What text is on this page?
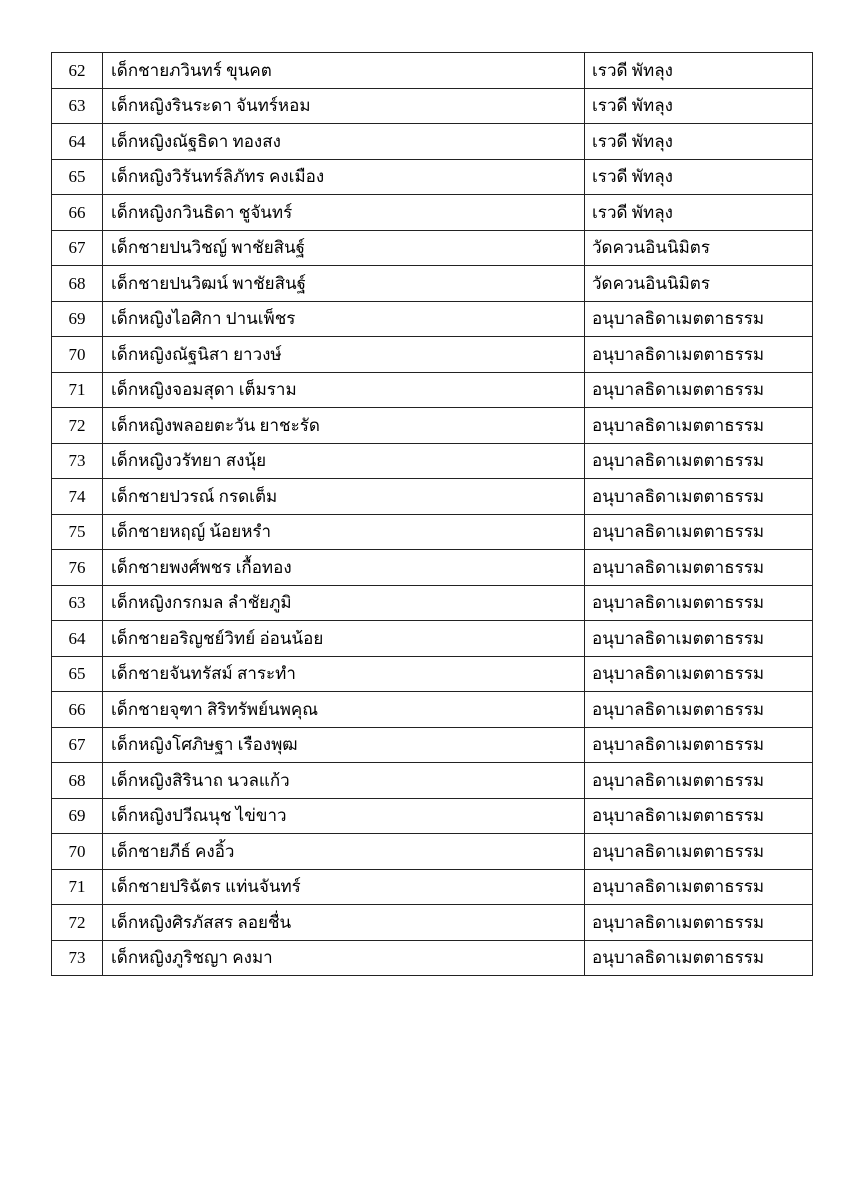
62	เด็กชายภวินทร์ ขุนคต	เรวดี พัทลุง
63	เด็กหญิงรินระดา จันทร์หอม	เรวดี พัทลุง
64	เด็กหญิงณัฐธิดา ทองสง	เรวดี พัทลุง
65	เด็กหญิงวิรันทร์ลิภัทร คงเมือง	เรวดี พัทลุง
66	เด็กหญิงกวินธิดา ชูจันทร์	เรวดี พัทลุง
67	เด็กชายปนวิชญ์ พาชัยสินฐ์	วัดควนอินนิมิตร
68	เด็กชายปนวิฒน์ พาชัยสินฐ์	วัดควนอินนิมิตร
69	เด็กหญิงไอศิกา ปานเพ็ชร	อนุบาลธิดาเมตตาธรรม
70	เด็กหญิงณัฐนิสา ยาวงษ์	อนุบาลธิดาเมตตาธรรม
71	เด็กหญิงจอมสุดา เต็มราม	อนุบาลธิดาเมตตาธรรม
72	เด็กหญิงพลอยตะวัน ยาชะรัด	อนุบาลธิดาเมตตาธรรม
73	เด็กหญิงวรัทยา สงนุ้ย	อนุบาลธิดาเมตตาธรรม
74	เด็กชายปวรณ์ กรดเต็ม	อนุบาลธิดาเมตตาธรรม
75	เด็กชายหฤญ์ น้อยหรํา	อนุบาลธิดาเมตตาธรรม
76	เด็กชายพงศ์พชร เกื้อทอง	อนุบาลธิดาเมตตาธรรม
63	เด็กหญิงกรกมล ลำชัยภูมิ	อนุบาลธิดาเมตตาธรรม
64	เด็กชายอริญชย์วิทย์ อ่อนน้อย	อนุบาลธิดาเมตตาธรรม
65	เด็กชายจันทรัสม์ สาระทำ	อนุบาลธิดาเมตตาธรรม
66	เด็กชายจุฑา สิริทรัพย์นพคุณ	อนุบาลธิดาเมตตาธรรม
67	เด็กหญิงโศภิษฐา เรืองพุฒ	อนุบาลธิดาเมตตาธรรม
68	เด็กหญิงสิรินาถ นวลแก้ว	อนุบาลธิดาเมตตาธรรม
69	เด็กหญิงปวีณนุช ไข่ขาว	อนุบาลธิดาเมตตาธรรม
70	เด็กชายภีธ์ คงอิ้ว	อนุบาลธิดาเมตตาธรรม
71	เด็กชายปริฉัตร แท่นจันทร์	อนุบาลธิดาเมตตาธรรม
72	เด็กหญิงศิรภัสสร ลอยชื่น	อนุบาลธิดาเมตตาธรรม
73	เด็กหญิงภูริชญา คงมา	อนุบาลธิดาเมตตาธรรม
